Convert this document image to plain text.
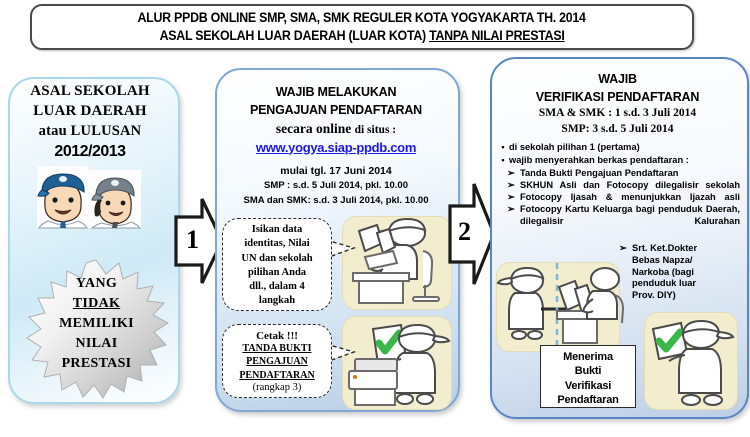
ALUR PPDB ONLINE SMP, SMA, SMK REGULER KOTA YOGYAKARTA TH. 2014
ASAL SEKOLAH LUAR DAERAH (LUAR KOTA) TANPA NILAI PRESTASI
ASAL SEKOLAH
LUAR DAERAH
atau LULUSAN
2012/2013
YANG
TIDAK
MEMILIKI
NILAI
PRESTASI
1
WAJIB MELAKUKAN
PENGAJUAN PENDAFTARAN
secara online di situs :
www.yogya.siap-ppdb.com
mulai tgl. 17 Juni 2014
SMP : s.d. 5 Juli 2014, pkl. 10.00
SMA dan SMK: s.d. 3 Juli 2014, pkl. 10.00
Isikan data
identitas, Nilai
UN dan sekolah
pilihan Anda
dll., dalam 4
langkah
Cetak !!!
TANDA BUKTI
PENGAJUAN
PENDAFTARAN
(rangkap 3)
2
WAJIB
VERIFIKASI PENDAFTARAN
SMA & SMK : 1 s.d. 3 Juli 2014
SMP: 3 s.d. 5 Juli 2014
• di sekolah pilihan 1 (pertama)
• wajib menyerahkan berkas pendaftaran :
➢ Tanda Bukti Pengajuan Pendaftaran
➢ SKHUN Asli dan Fotocopy dilegalisir sekolah
➢ Fotocopy Ijasah & menunjukkan Ijazah asli
➢ Fotocopy Kartu Keluarga bagi penduduk Daerah, dilegalisir Kalurahan
➢ Srt. Ket.Dokter
Bebas Napza/
Narkoba (bagi
penduduk luar
Prov. DIY)
Menerima
Bukti
Verifikasi
Pendaftaran
